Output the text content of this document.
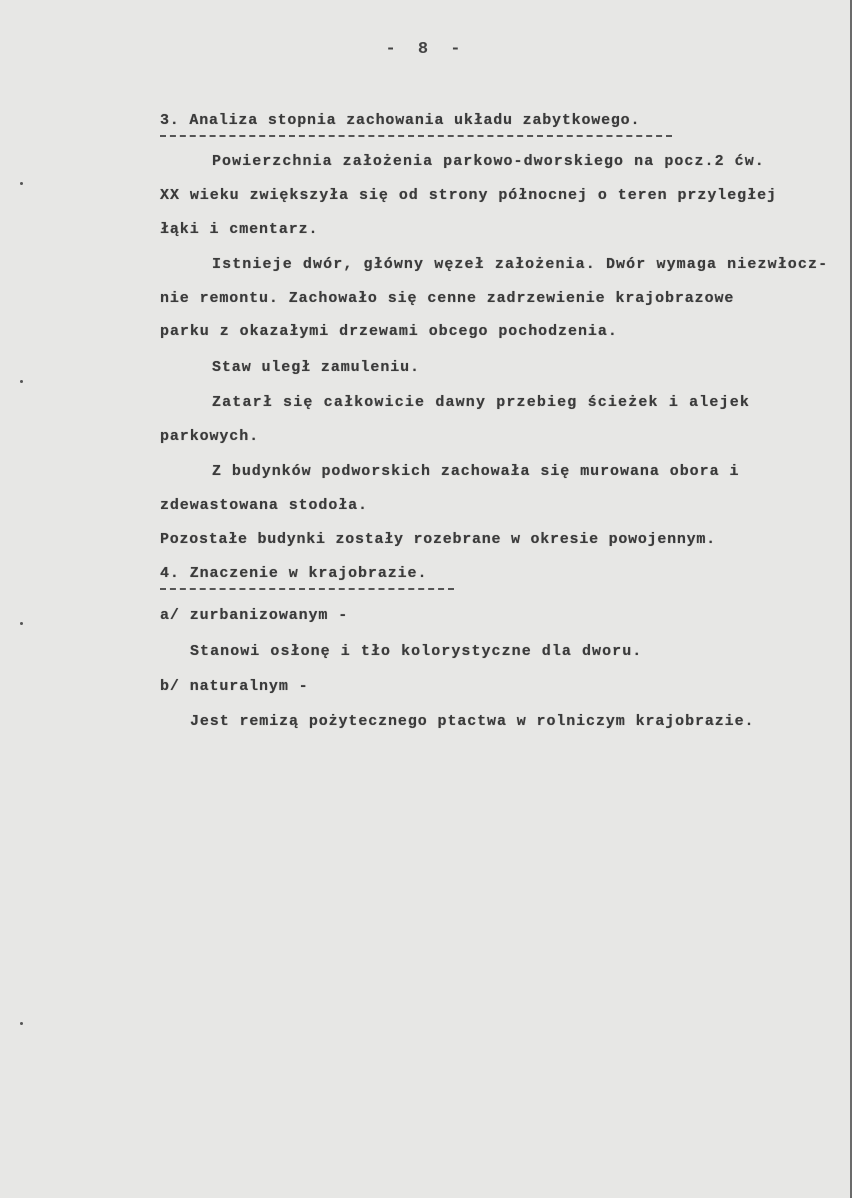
- 8 -
3. Analiza stopnia zachowania układu zabytkowego.
Powierzchnia założenia parkowo-dworskiego na pocz.2 ćw.
XX wieku zwiększyła się od strony północnej o teren przyległej
łąki i cmentarz.
Istnieje dwór, główny węzeł założenia. Dwór wymaga niezwłocz-
nie remontu. Zachowało się cenne zadrzewienie krajobrazowe
parku z okazałymi drzewami obcego pochodzenia.
Staw uległ zamuleniu.
Zatarł się całkowicie dawny przebieg ścieżek i alejek
parkowych.
Z budynków podworskich zachowała się murowana obora i
zdewastowana stodoła.
Pozostałe budynki zostały rozebrane w okresie powojennym.
4. Znaczenie w krajobrazie.
a/ zurbanizowanym -
Stanowi osłonę i tło kolorystyczne dla dworu.
b/ naturalnym -
Jest remizą pożytecznego ptactwa w rolniczym krajobrazie.
